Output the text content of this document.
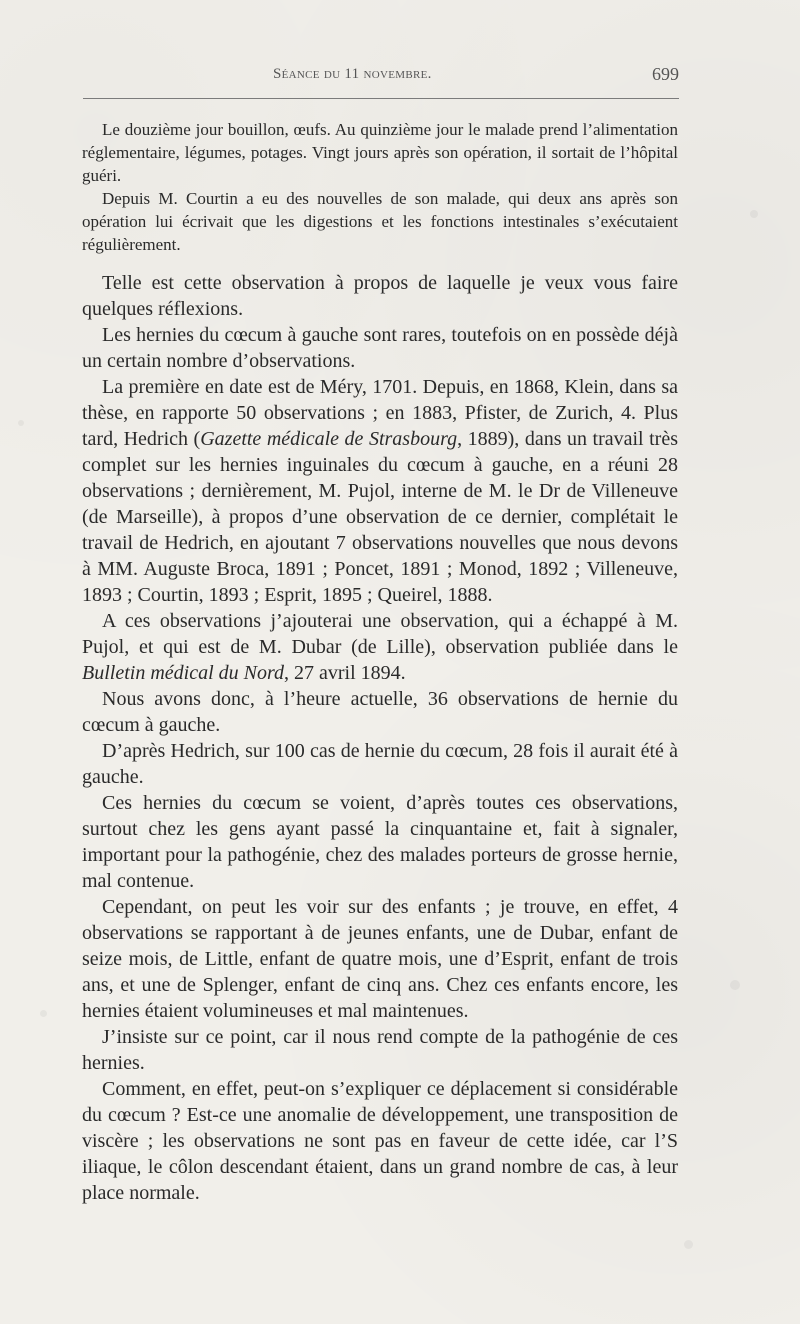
Séance du 11 novembre.	699

Le douzième jour bouillon, œufs. Au quinzième jour le malade prend l’alimentation réglementaire, légumes, potages. Vingt jours après son opération, il sortait de l’hôpital guéri.

Depuis M. Courtin a eu des nouvelles de son malade, qui deux ans après son opération lui écrivait que les digestions et les fonctions intestinales s’exécutaient régulièrement.

Telle est cette observation à propos de laquelle je veux vous faire quelques réflexions.

Les hernies du cœcum à gauche sont rares, toutefois on en possède déjà un certain nombre d’observations.

La première en date est de Méry, 1701. Depuis, en 1868, Klein, dans sa thèse, en rapporte 50 observations ; en 1883, Pfister, de Zurich, 4. Plus tard, Hedrich (Gazette médicale de Strasbourg, 1889), dans un travail très complet sur les hernies inguinales du cœcum à gauche, en a réuni 28 observations ; dernièrement, M. Pujol, interne de M. le Dr de Villeneuve (de Marseille), à propos d’une observation de ce dernier, complétait le travail de Hedrich, en ajoutant 7 observations nouvelles que nous devons à MM. Auguste Broca, 1891 ; Poncet, 1891 ; Monod, 1892 ; Villeneuve, 1893 ; Courtin, 1893 ; Esprit, 1895 ; Queirel, 1888.

A ces observations j’ajouterai une observation, qui a échappé à M. Pujol, et qui est de M. Dubar (de Lille), observation publiée dans le Bulletin médical du Nord, 27 avril 1894.

Nous avons donc, à l’heure actuelle, 36 observations de hernie du cœcum à gauche.

D’après Hedrich, sur 100 cas de hernie du cœcum, 28 fois il aurait été à gauche.

Ces hernies du cœcum se voient, d’après toutes ces observations, surtout chez les gens ayant passé la cinquantaine et, fait à signaler, important pour la pathogénie, chez des malades porteurs de grosse hernie, mal contenue.

Cependant, on peut les voir sur des enfants ; je trouve, en effet, 4 observations se rapportant à de jeunes enfants, une de Dubar, enfant de seize mois, de Little, enfant de quatre mois, une d’Esprit, enfant de trois ans, et une de Splenger, enfant de cinq ans. Chez ces enfants encore, les hernies étaient volumineuses et mal maintenues.

J’insiste sur ce point, car il nous rend compte de la pathogénie de ces hernies.

Comment, en effet, peut-on s’expliquer ce déplacement si considérable du cœcum ? Est-ce une anomalie de développement, une transposition de viscère ; les observations ne sont pas en faveur de cette idée, car l’S iliaque, le côlon descendant étaient, dans un grand nombre de cas, à leur place normale.
